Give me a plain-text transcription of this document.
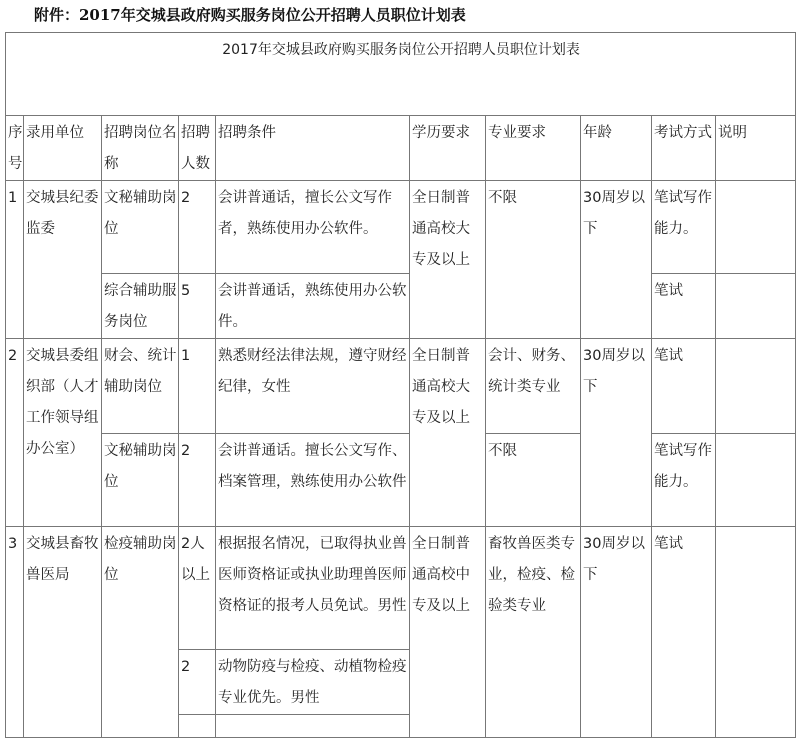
附件：2017年交城县政府购买服务岗位公开招聘人员职位计划表
2017年交城县政府购买服务岗位公开招聘人员职位计划表									
序号	录用单位	招聘岗位名称	招聘人数	招聘条件	学历要求	专业要求	年龄	考试方式	说明
1	交城县纪委监委	文秘辅助岗位	2	会讲普通话，擅长公文写作者，熟练使用办公软件。	全日制普通高校大专及以上	不限	30周岁以下	笔试写作能力。	
		综合辅助服务岗位	5	会讲普通话，熟练使用办公软件。				笔试	
2	交城县委组织部（人才工作领导组办公室）	财会、统计辅助岗位	1	熟悉财经法律法规，遵守财经纪律，女性	全日制普通高校大专及以上	会计、财务、统计类专业	30周岁以下	笔试	
		文秘辅助岗位	2	会讲普通话。擅长公文写作、档案管理，熟练使用办公软件		不限		笔试写作能力。	
3	交城县畜牧兽医局	检疫辅助岗位	2人以上	根据报名情况，已取得执业兽医师资格证或执业助理兽医师资格证的报考人员免试。男性	全日制普通高校中专及以上	畜牧兽医类专业，检疫、检验类专业	30周岁以下	笔试	
			2	动物防疫与检疫、动植物检疫专业优先。男性					
